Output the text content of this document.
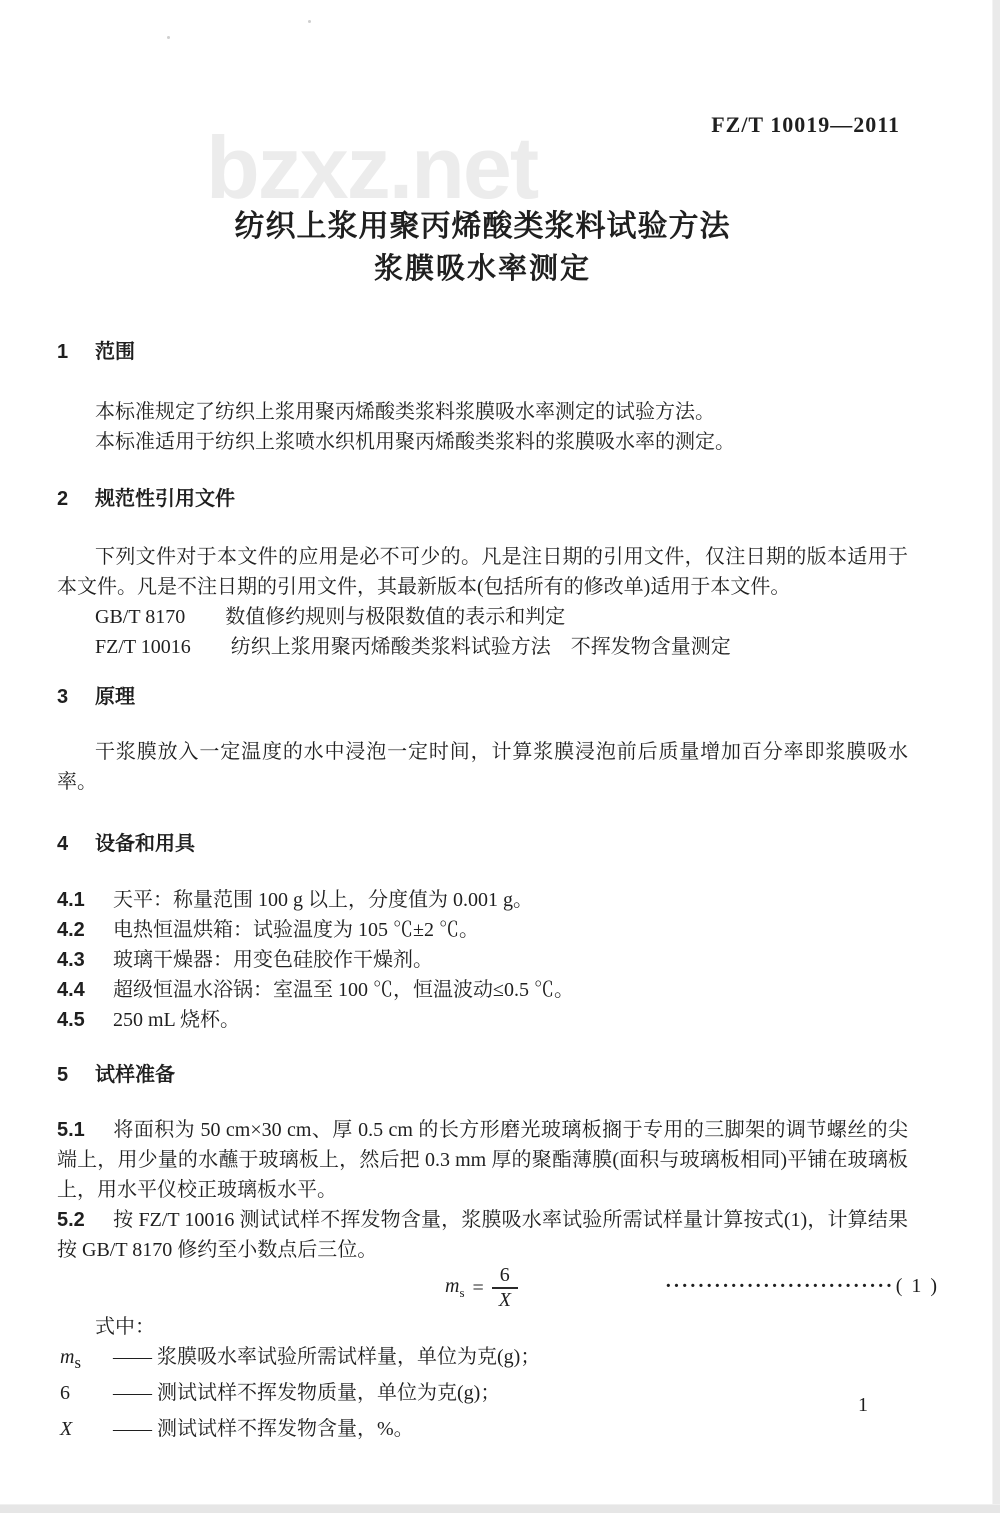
FZ/T 10019—2011
bzxz.net
纺织上浆用聚丙烯酸类浆料试验方法
浆膜吸水率测定
1 范围

本标准规定了纺织上浆用聚丙烯酸类浆料浆膜吸水率测定的试验方法。

本标准适用于纺织上浆喷水织机用聚丙烯酸类浆料的浆膜吸水率的测定。

2 规范性引用文件

下列文件对于本文件的应用是必不可少的。凡是注日期的引用文件，仅注日期的版本适用于本文件。凡是不注日期的引用文件，其最新版本(包括所有的修改单)适用于本文件。

GB/T 8170　　数值修约规则与极限数值的表示和判定
FZ/T 10016　　纺织上浆用聚丙烯酸类浆料试验方法　不挥发物含量测定
3 原理

干浆膜放入一定温度的水中浸泡一定时间，计算浆膜浸泡前后质量增加百分率即浆膜吸水率。

4 设备和用具

4.1 天平：称量范围 100 g 以上，分度值为 0.001 g。

4.2 电热恒温烘箱：试验温度为 105 ℃±2 ℃。

4.3 玻璃干燥器：用变色硅胶作干燥剂。

4.4 超级恒温水浴锅：室温至 100 ℃，恒温波动≤0.5 ℃。

4.5 250 mL 烧杯。

5 试样准备

5.1 将面积为 50 cm×30 cm、厚 0.5 cm 的长方形磨光玻璃板搁于专用的三脚架的调节螺丝的尖端上，用少量的水蘸于玻璃板上，然后把 0.3 mm 厚的聚酯薄膜(面积与玻璃板相同)平铺在玻璃板上，用水平仪校正玻璃板水平。

5.2 按 FZ/T 10016 测试试样不挥发物含量，浆膜吸水率试验所需试样量计算按式(1)，计算结果按 GB/T 8170 修约至小数点后三位。

$m_s = \frac{6}{X}$	···························· ( 1 )
式中：
$m_s$ —— 浆膜吸水率试验所需试样量，单位为克(g)；
6 —— 测试试样不挥发物质量，单位为克(g)；
X —— 测试试样不挥发物含量，%。
1
